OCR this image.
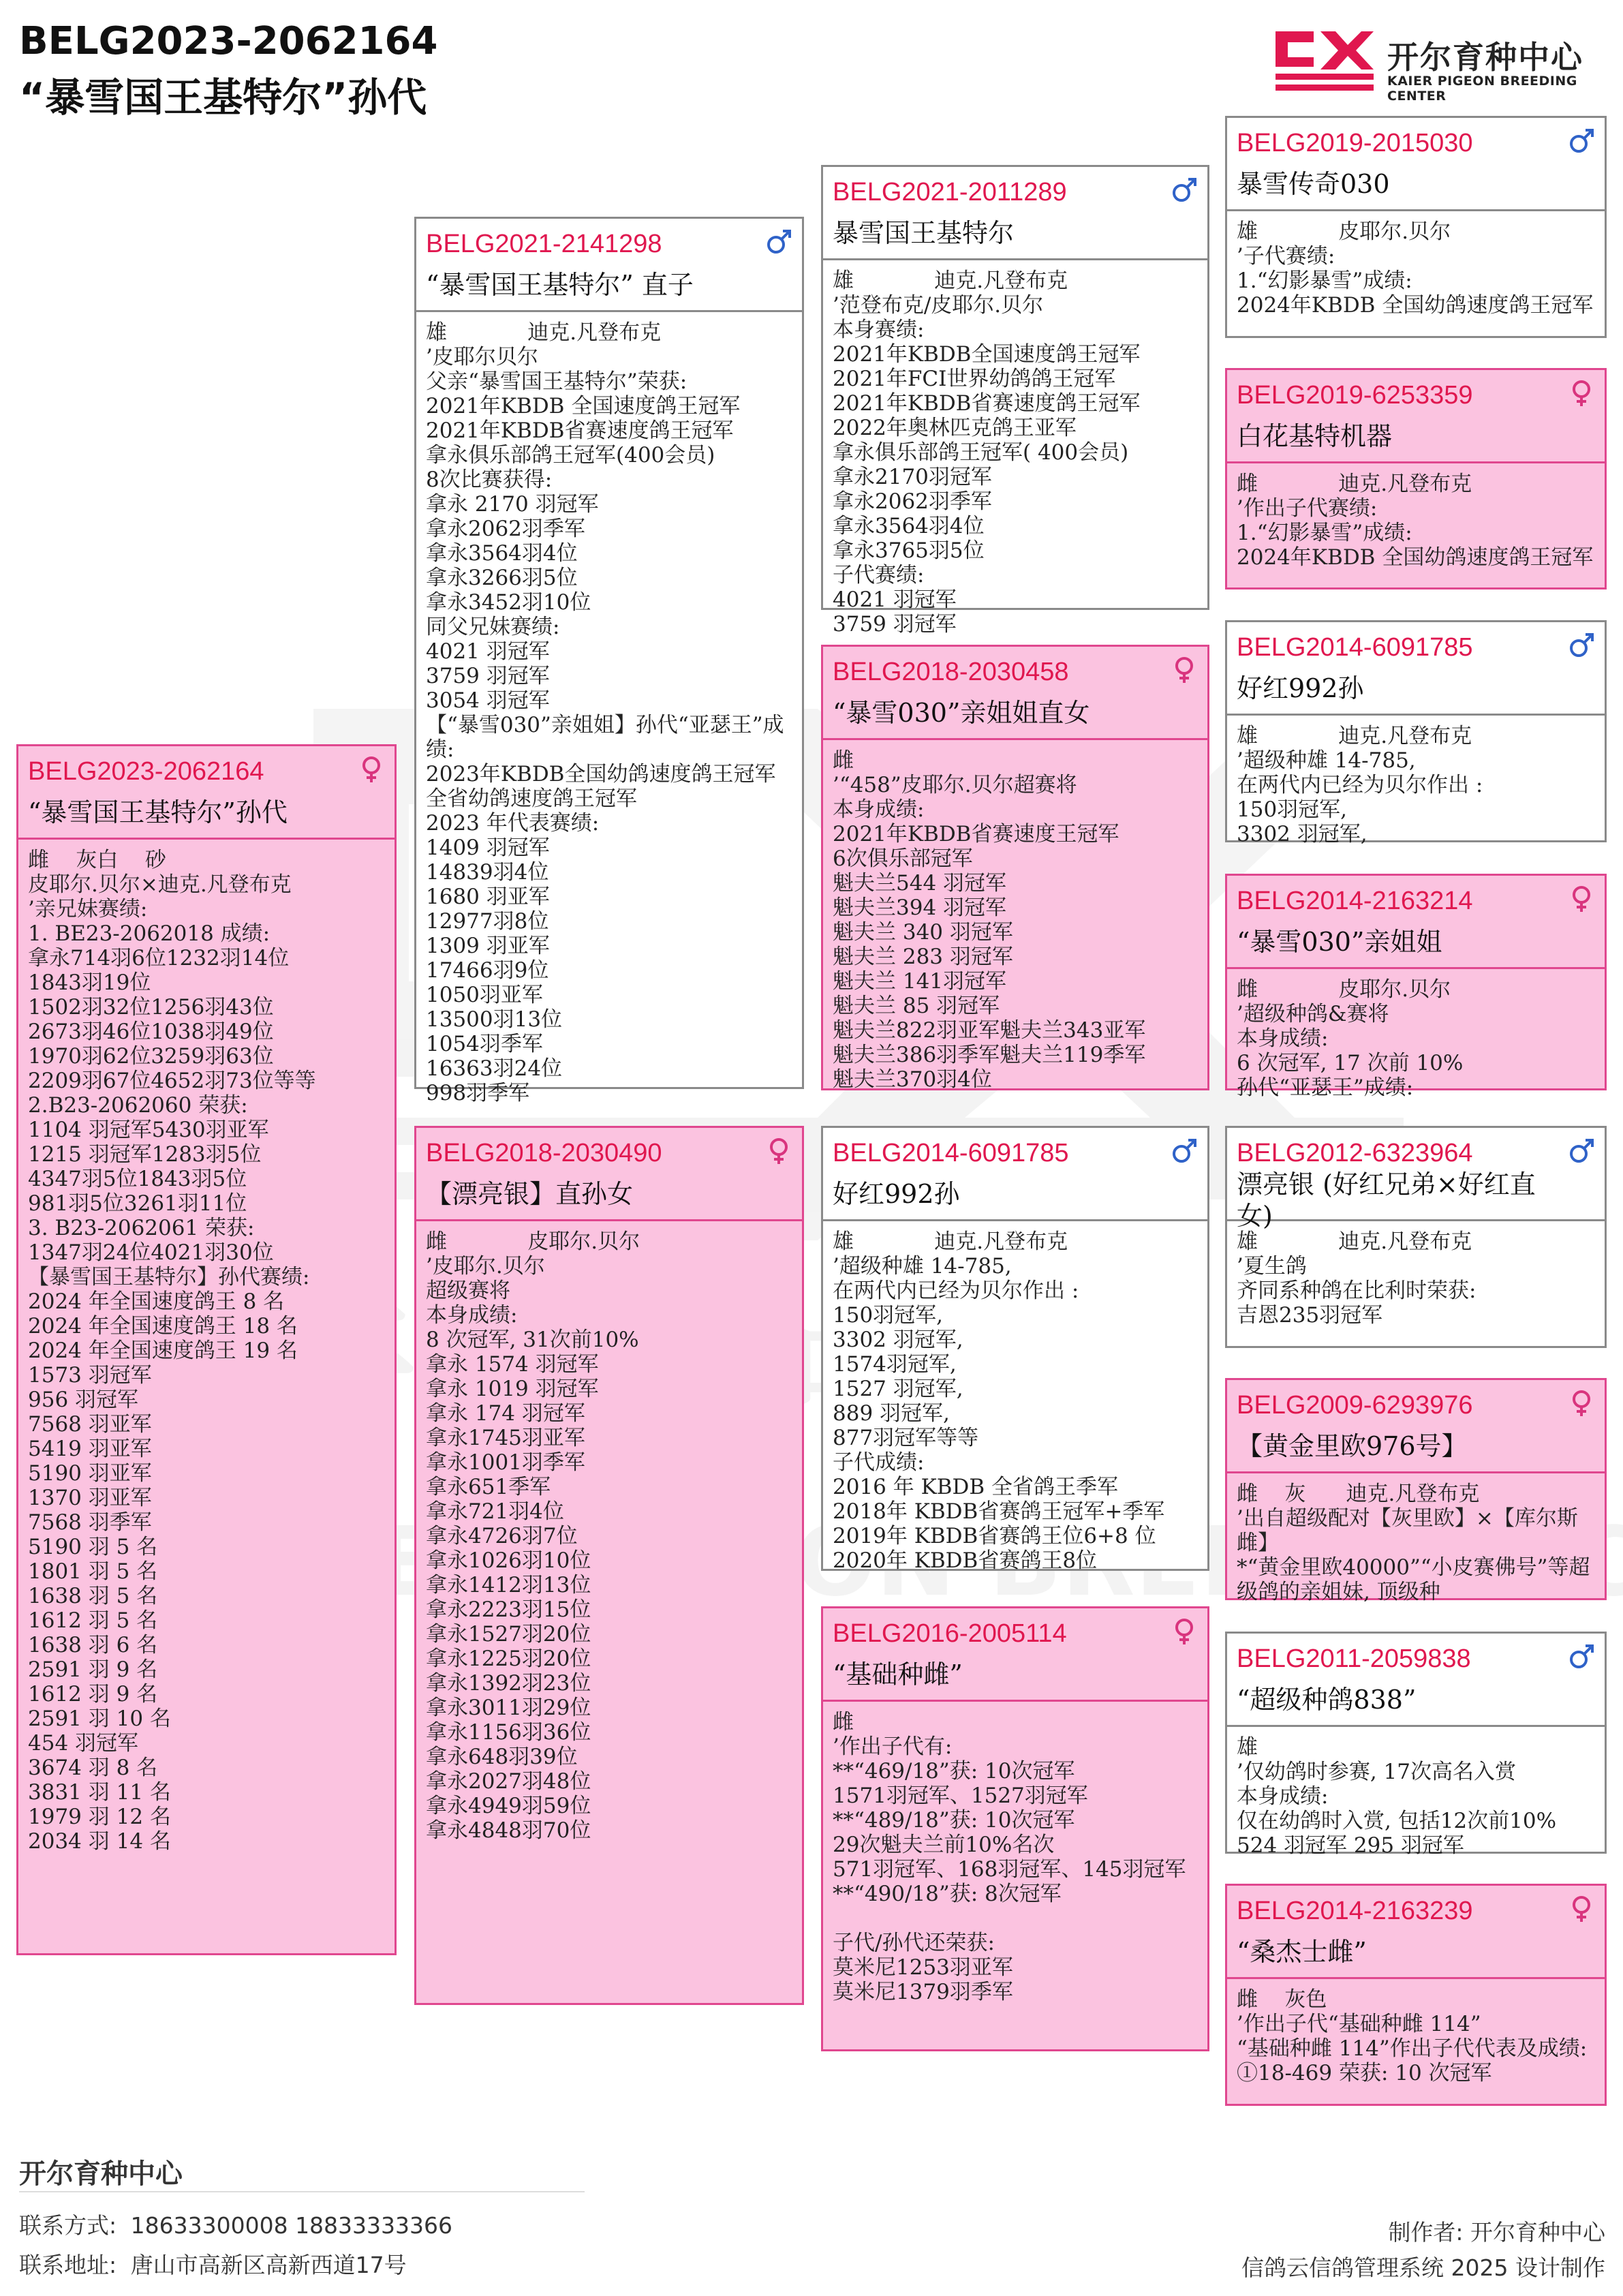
BELG2023-2062164
“暴雪国王基特尔”孙代
开尔育种中心
KAIER PIGEON BREEDING CENTER
BELG2023-2062164
“暴雪国王基特尔”孙代
雌    灰白    砂
皮耶尔.贝尔×迪克.凡登布克
’亲兄妹赛绩:
1. BE23-2062018 成绩:
拿永714羽6位1232羽14位
1843羽19位
1502羽32位1256羽43位
2673羽46位1038羽49位
1970羽62位3259羽63位
2209羽67位4652羽73位等等
2.B23-2062060 荣获:
1104 羽冠军5430羽亚军
1215 羽冠军1283羽5位
4347羽5位1843羽5位
981羽5位3261羽11位
3. B23-2062061 荣获:
1347羽24位4021羽30位
【暴雪国王基特尔】孙代赛绩:
2024 年全国速度鸽王 8 名
2024 年全国速度鸽王 18 名
2024 年全国速度鸽王 19 名
1573 羽冠军
956 羽冠军
7568 羽亚军
5419 羽亚军
5190 羽亚军
1370 羽亚军
7568 羽季军
5190 羽 5 名
1801 羽 5 名
1638 羽 5 名
1612 羽 5 名
1638 羽 6 名
2591 羽 9 名
1612 羽 9 名
2591 羽 10 名
454 羽冠军
3674 羽 8 名
3831 羽 11 名
1979 羽 12 名
2034 羽 14 名
BELG2021-2141298
“暴雪国王基特尔” 直子
雄            迪克.凡登布克
’皮耶尔贝尔
父亲“暴雪国王基特尔”荣获:
2021年KBDB 全国速度鸽王冠军
2021年KBDB省赛速度鸽王冠军
拿永俱乐部鸽王冠军(400会员)
8次比赛获得:
拿永 2170 羽冠军
拿永2062羽季军
拿永3564羽4位
拿永3266羽5位
拿永3452羽10位
同父兄妹赛绩:
4021 羽冠军
3759 羽冠军
3054 羽冠军
【“暴雪030”亲姐姐】孙代“亚瑟王”成绩:
2023年KBDB全国幼鸽速度鸽王冠军
全省幼鸽速度鸽王冠军
2023 年代表赛绩:
1409 羽冠军
14839羽4位
1680 羽亚军
12977羽8位
1309 羽亚军
17466羽9位
1050羽亚军
13500羽13位
1054羽季军
16363羽24位
998羽季军
BELG2018-2030490
【漂亮银】直孙女
雌            皮耶尔.贝尔
’皮耶尔.贝尔
超级赛将
本身成绩:
8 次冠军, 31次前10%
拿永 1574 羽冠军
拿永 1019 羽冠军
拿永 174 羽冠军
拿永1745羽亚军
拿永1001羽季军
拿永651季军
拿永721羽4位
拿永4726羽7位
拿永1026羽10位
拿永1412羽13位
拿永2223羽15位
拿永1527羽20位
拿永1225羽20位
拿永1392羽23位
拿永3011羽29位
拿永1156羽36位
拿永648羽39位
拿永2027羽48位
拿永4949羽59位
拿永4848羽70位
BELG2021-2011289
暴雪国王基特尔
雄            迪克.凡登布克
’范登布克/皮耶尔.贝尔
本身赛绩:
2021年KBDB全国速度鸽王冠军
2021年FCI世界幼鸽鸽王冠军
2021年KBDB省赛速度鸽王冠军
2022年奥林匹克鸽王亚军
拿永俱乐部鸽王冠军( 400会员)
拿永2170羽冠军
拿永2062羽季军
拿永3564羽4位
拿永3765羽5位
子代赛绩:
4021 羽冠军
3759 羽冠军
BELG2018-2030458
“暴雪030”亲姐姐直女
雌
’“458”皮耶尔.贝尔超赛将
本身成绩:
2021年KBDB省赛速度王冠军
6次俱乐部冠军
魁夫兰544 羽冠军
魁夫兰394 羽冠军
魁夫兰 340 羽冠军
魁夫兰 283 羽冠军
魁夫兰 141羽冠军
魁夫兰 85 羽冠军
魁夫兰822羽亚军魁夫兰343亚军
魁夫兰386羽季军魁夫兰119季军
魁夫兰370羽4位
BELG2014-6091785
好红992孙
雄            迪克.凡登布克
’超级种雄 14-785,
在两代内已经为贝尔作出 :
150羽冠军,
3302 羽冠军,
1574羽冠军,
1527 羽冠军,
889 羽冠军,
877羽冠军等等
子代成绩:
2016 年 KBDB 全省鸽王季军
2018年 KBDB省赛鸽王冠军+季军
2019年 KBDB省赛鸽王位6+8 位
2020年 KBDB省赛鸽王8位
BELG2016-2005114
“基础种雌”
雌
’作出子代有:
**“469/18”获: 10次冠军
1571羽冠军、1527羽冠军
**“489/18”获: 10次冠军
29次魁夫兰前10%名次
571羽冠军、168羽冠军、145羽冠军
**“490/18”获: 8次冠军
子代/孙代还荣获:
莫米尼1253羽亚军
莫米尼1379羽季军
BELG2019-2015030
暴雪传奇030
雄            皮耶尔.贝尔
’子代赛绩:
1.“幻影暴雪”成绩:
2024年KBDB 全国幼鸽速度鸽王冠军
BELG2019-6253359
白花基特机器
雌            迪克.凡登布克
’作出子代赛绩:
1.“幻影暴雪”成绩:
2024年KBDB 全国幼鸽速度鸽王冠军
BELG2014-6091785
好红992孙
雄            迪克.凡登布克
’超级种雄 14-785,
在两代内已经为贝尔作出 :
150羽冠军,
3302 羽冠军,
BELG2014-2163214
“暴雪030”亲姐姐
雌            皮耶尔.贝尔
’超级种鸽&赛将
本身成绩:
6 次冠军, 17 次前 10%
孙代“亚瑟王”成绩:
BELG2012-6323964
漂亮银 (好红兄弟×好红直女)
雄            迪克.凡登布克
’夏生鸽
齐同系种鸽在比利时荣获:
吉恩235羽冠军
BELG2009-6293976
【黄金里欧976号】
雌    灰      迪克.凡登布克
’出自超级配对【灰里欧】×【库尔斯雌】
*“黄金里欧40000”“小皮赛佛号”等超级鸽的亲姐妹, 顶级种
BELG2011-2059838
“超级种鸽838”
雄
’仅幼鸽时参赛, 17次高名入赏
本身成绩:
仅在幼鸽时入赏, 包括12次前10%
524 羽冠军 295 羽冠军
BELG2014-2163239
“桑杰士雌”
雌    灰色
’作出子代“基础种雌 114”
“基础种雌 114”作出子代代表及成绩:
①18-469 荣获: 10 次冠军
开尔育种中心
联系方式: 18633300008 18833333366
联系地址: 唐山市高新区高新西道17号
制作者: 开尔育种中心
信鸽云信鸽管理系统 2025 设计制作
